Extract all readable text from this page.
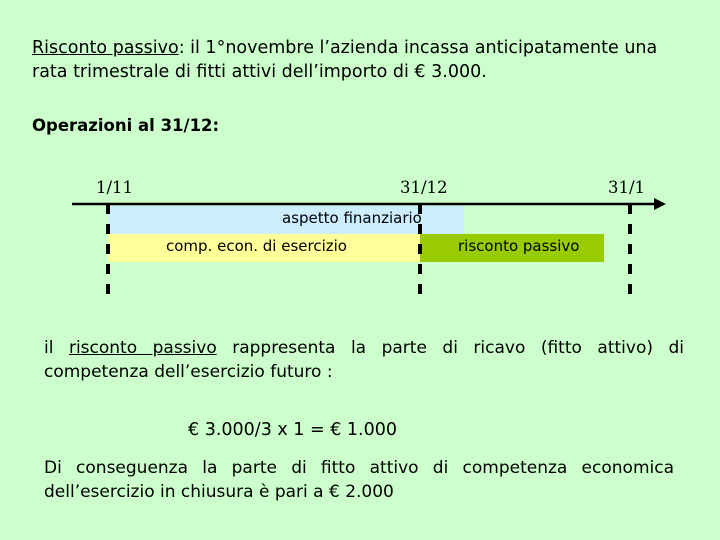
Risconto passivo: il 1°novembre l’azienda incassa anticipatamente una rata trimestrale di fitti attivi dell’importo di € 3.000.

Operazioni al 31/12:

1/11	31/12	31/1
aspetto finanziario
comp. econ. di esercizio	risconto passivo

il risconto passivo rappresenta la parte di ricavo (fitto attivo) di competenza dell’esercizio futuro :

€ 3.000/3 x 1 = € 1.000

Di conseguenza la parte di fitto attivo di competenza economica dell’esercizio in chiusura è pari a € 2.000
